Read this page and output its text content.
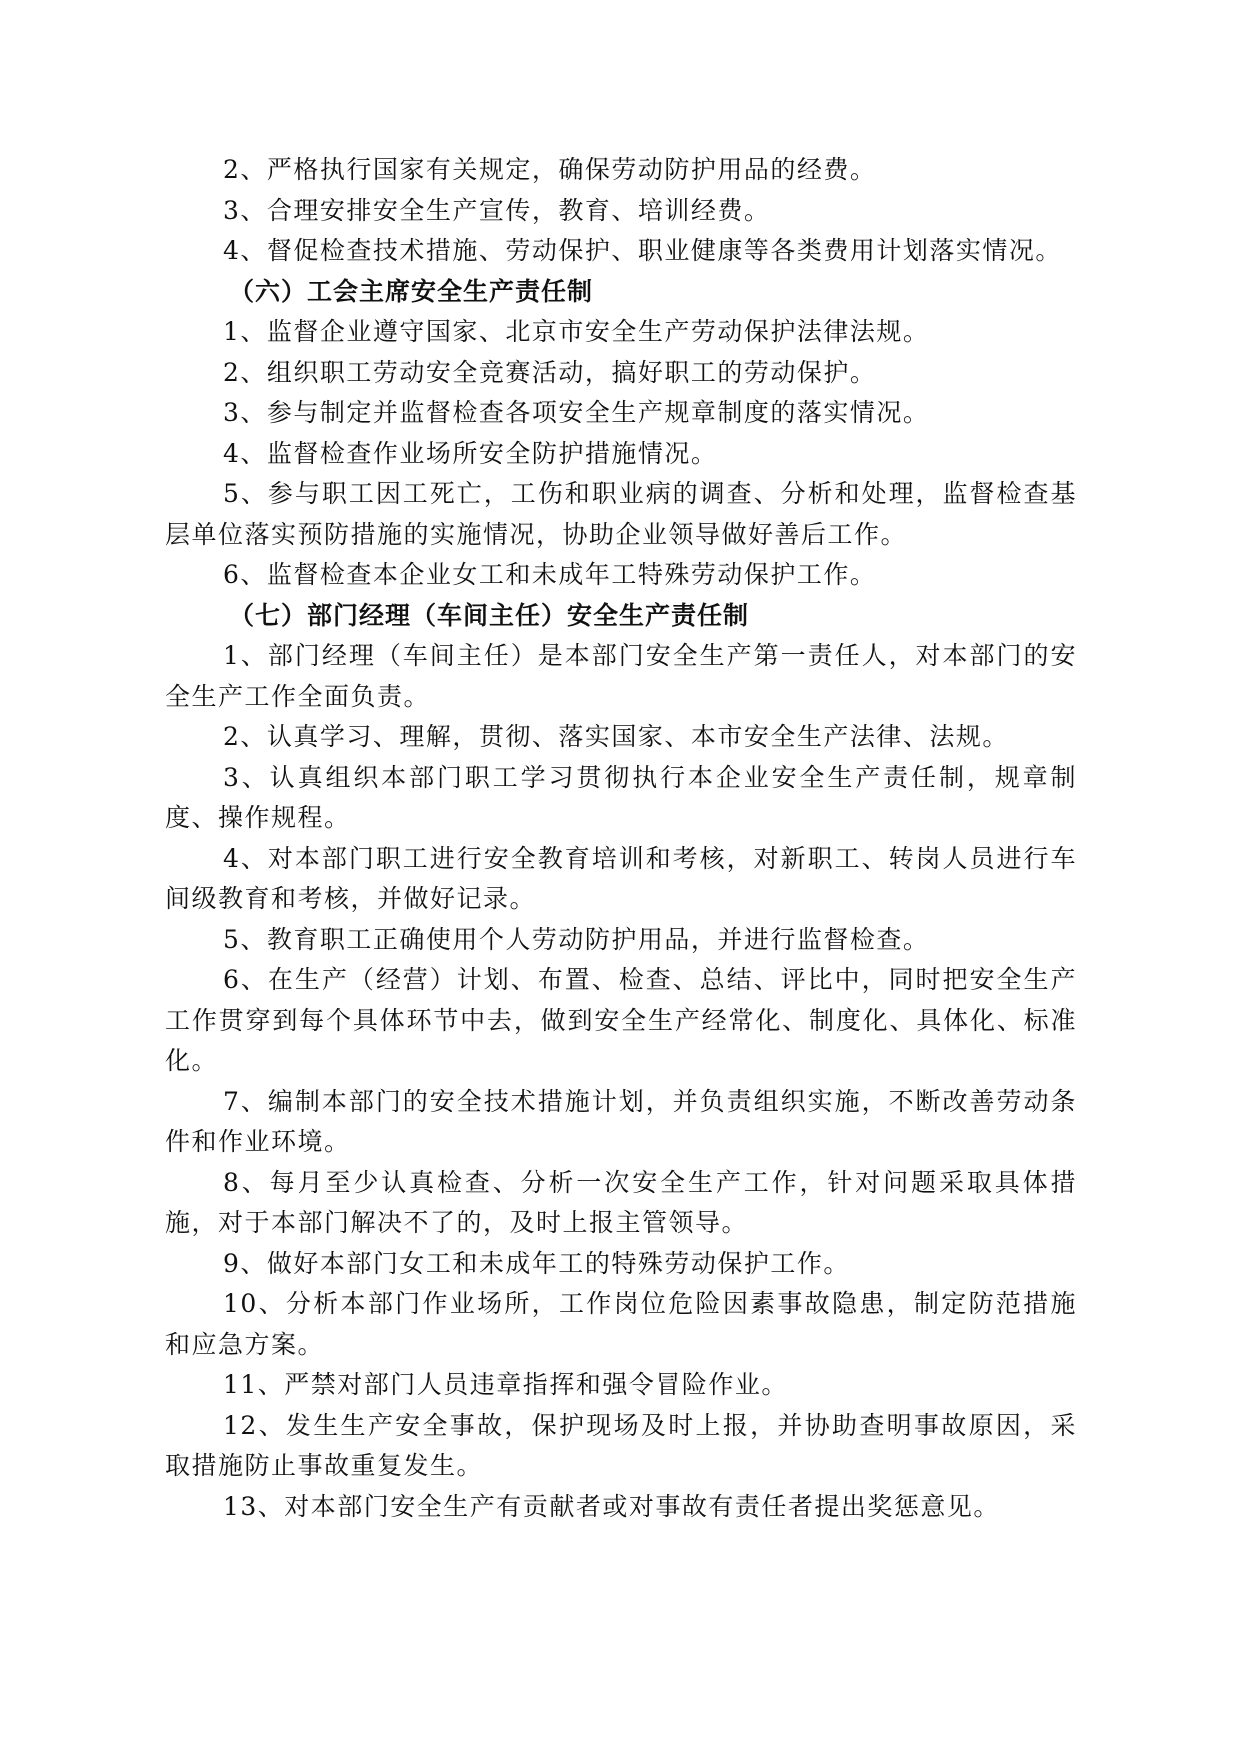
2、严格执行国家有关规定，确保劳动防护用品的经费。

3、合理安排安全生产宣传，教育、培训经费。

4、督促检查技术措施、劳动保护、职业健康等各类费用计划落实情况。

（六）工会主席安全生产责任制

1、监督企业遵守国家、北京市安全生产劳动保护法律法规。

2、组织职工劳动安全竞赛活动，搞好职工的劳动保护。

3、参与制定并监督检查各项安全生产规章制度的落实情况。

4、监督检查作业场所安全防护措施情况。

5、参与职工因工死亡，工伤和职业病的调查、分析和处理，监督检查基层单位落实预防措施的实施情况，协助企业领导做好善后工作。

6、监督检查本企业女工和未成年工特殊劳动保护工作。

（七）部门经理（车间主任）安全生产责任制

1、部门经理（车间主任）是本部门安全生产第一责任人，对本部门的安全生产工作全面负责。

2、认真学习、理解，贯彻、落实国家、本市安全生产法律、法规。

3、认真组织本部门职工学习贯彻执行本企业安全生产责任制，规章制度、操作规程。

4、对本部门职工进行安全教育培训和考核，对新职工、转岗人员进行车间级教育和考核，并做好记录。

5、教育职工正确使用个人劳动防护用品，并进行监督检查。

6、在生产（经营）计划、布置、检查、总结、评比中，同时把安全生产工作贯穿到每个具体环节中去，做到安全生产经常化、制度化、具体化、标准化。

7、编制本部门的安全技术措施计划，并负责组织实施，不断改善劳动条件和作业环境。

8、每月至少认真检查、分析一次安全生产工作，针对问题采取具体措施，对于本部门解决不了的，及时上报主管领导。

9、做好本部门女工和未成年工的特殊劳动保护工作。

10、分析本部门作业场所，工作岗位危险因素事故隐患，制定防范措施和应急方案。

11、严禁对部门人员违章指挥和强令冒险作业。

12、发生生产安全事故，保护现场及时上报，并协助查明事故原因，采取措施防止事故重复发生。

13、对本部门安全生产有贡献者或对事故有责任者提出奖惩意见。
